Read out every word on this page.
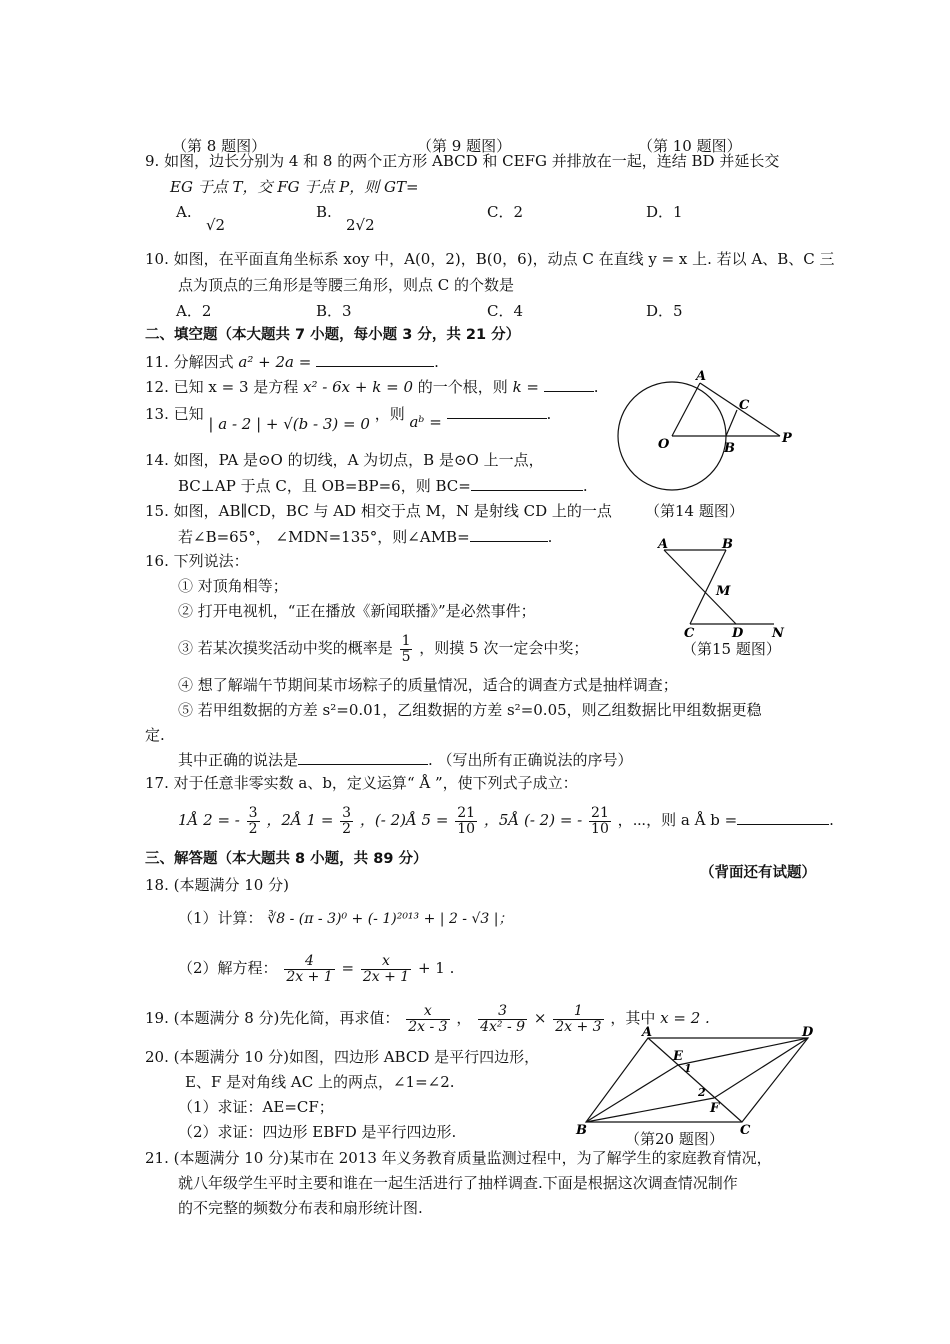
（第 8 题图）	（第 9 题图）	（第 10 题图）
9. 如图，边长分别为 4 和 8 的两个正方形 ABCD 和 CEFG 并排放在一起，连结 BD 并延长交
EG 于点 T，交 FG 于点 P，则 GT=
A.
√2
B.
2√2
C．2	D．1
10. 如图，在平面直角坐标系 xoy 中，A(0，2)，B(0，6)，动点 C 在直线 y = x 上. 若以 A、B、C 三
点为顶点的三角形是等腰三角形，则点 C 的个数是
A．2	B．3	C．4	D．5
二、填空题（本大题共 7 小题，每小题 3 分，共 21 分）
11. 分解因式 a² + 2a =	.
12. 已知 x = 3 是方程 x² - 6x + k = 0 的一个根，则 k =	.
13. 已知 | a - 2 | + √(b - 3) = 0 ，则 aᵇ =	.
A
C
O	B
P
14. 如图，PA 是⊙O 的切线，A 为切点，B 是⊙O 上一点，
BC⊥AP 于点 C，且 OB=BP=6，则 BC=	.
15. 如图，AB∥CD，BC 与 AD 相交于点 M，N 是射线 CD 上的一点	（第14 题图）
若∠B=65°， ∠MDN=135°，则∠AMB=	.	A	B
M
C	D N
（第15 题图）
16. 下列说法：
① 对顶角相等；
② 打开电视机，“正在播放《新闻联播》”是必然事件；
③ 若某次摸奖活动中奖的概率是 $\frac{1}{5}$ ，则摸 5 次一定会中奖；
④ 想了解端午节期间某市场粽子的质量情况，适合的调查方式是抽样调查；
⑤ 若甲组数据的方差 s²=0.01，乙组数据的方差 s²=0.05，则乙组数据比甲组数据更稳
定.
其中正确的说法是	. （写出所有正确说法的序号）
17. 对于任意非零实数 a、b，定义运算“ Å ”，使下列式子成立：
1Å 2 = - $\frac{3}{2}$ ，2Å $1 = \frac{3}{2}$ ，(- 2)Å $5 = \frac{21}{10}$ ，5Å (- 2) = - $\frac{21}{10}$ ，⋯，则 a Å b =	.
三、解答题（本大题共 8 小题，共 89 分）
（背面还有试题）
18. (本题满分 10 分)
（1）计算： ∛8 - (π - 3)⁰ + (- 1)²⁰¹³ + | 2 - √3 |；
（2）解方程： $\frac{4}{2x + 1} = \frac{x}{2x + 1} + 1$ .
19. (本题满分 8 分)先化简，再求值： $\frac{x}{2x - 3}$ ， $\frac{3}{\text{4x² - 9}} \times \frac{1}{2x + 3}$ ，其中 x = 2 .
20. (本题满分 10 分)如图，四边形 ABCD 是平行四边形，
E、F 是对角线 AC 上的两点，∠1=∠2.
（1）求证：AE=CF；
（2）求证：四边形 EBFD 是平行四边形.
A	D
E
1
2
F
B	C
（第20 题图）
21. (本题满分 10 分)某市在 2013 年义务教育质量监测过程中，为了解学生的家庭教育情况，
就八年级学生平时主要和谁在一起生活进行了抽样调查.下面是根据这次调查情况制作
的不完整的频数分布表和扇形统计图.
